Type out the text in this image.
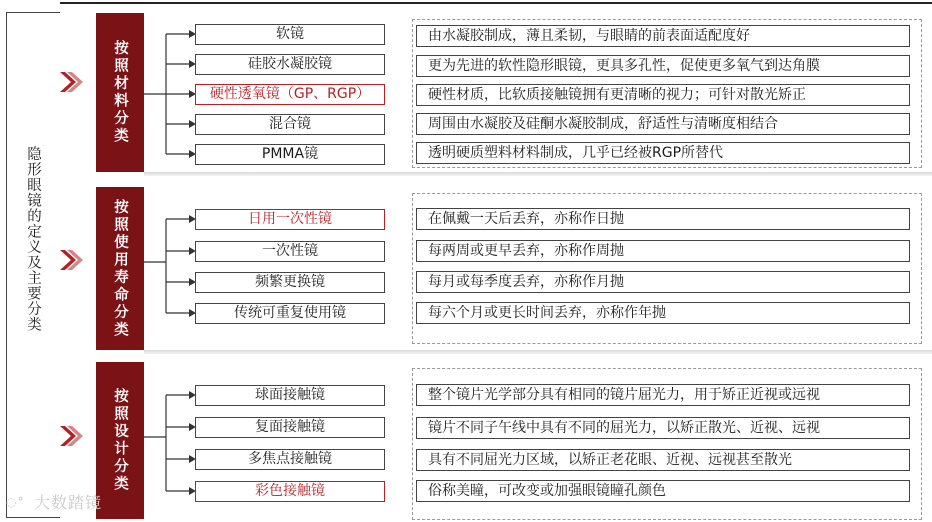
隐形眼镜的定义及主要分类
按照材料分类
按照使用寿命分类
按照设计分类
软镜
硅胶水凝胶镜
硬性透氧镜（GP、RGP）
混合镜
PMMA镜
由水凝胶制成，薄且柔韧，与眼睛的前表面适配度好
更为先进的软性隐形眼镜，更具多孔性，促使更多氧气到达角膜
硬性材质，比软质接触镜拥有更清晰的视力；可针对散光矫正
周围由水凝胶及硅酮水凝胶制成，舒适性与清晰度相结合
透明硬质塑料材料制成，几乎已经被RGP所替代
日用一次性镜
一次性镜
频繁更换镜
传统可重复使用镜
在佩戴一天后丢弃，亦称作日抛
每两周或更早丢弃，亦称作周抛
每月或每季度丢弃，亦称作月抛
每六个月或更长时间丢弃，亦称作年抛
球面接触镜
复面接触镜
多焦点接触镜
彩色接触镜
整个镜片光学部分具有相同的镜片屈光力，用于矫正近视或远视
镜片不同子午线中具有不同的屈光力，以矫正散光、近视、远视
具有不同屈光力区域，以矫正老花眼、近视、远视甚至散光
俗称美瞳，可改变或加强眼镜瞳孔颜色
◌° 大数踏镜
